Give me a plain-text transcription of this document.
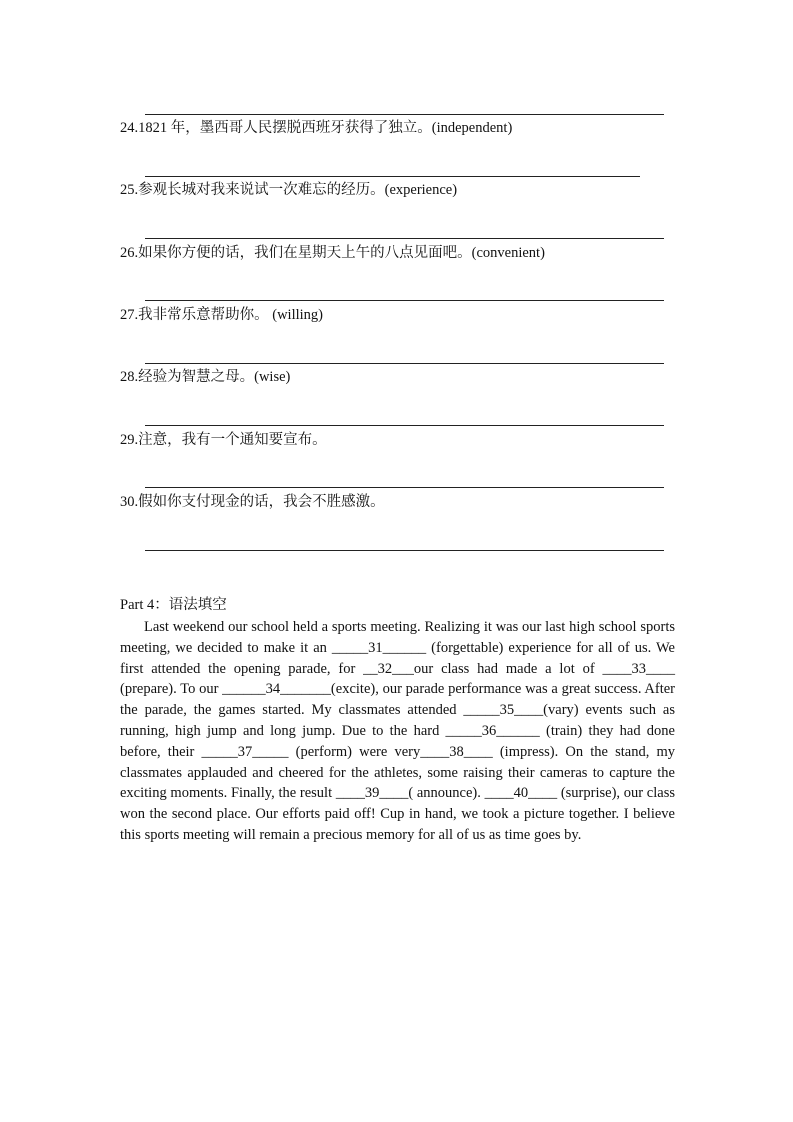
24.1821 年，墨西哥人民摆脱西班牙获得了独立。(independent)
25.参观长城对我来说试一次难忘的经历。(experience)
26.如果你方便的话，我们在星期天上午的八点见面吧。(convenient)
27.我非常乐意帮助你。 (willing)
28.经验为智慧之母。(wise)
29.注意，我有一个通知要宣布。
30.假如你支付现金的话，我会不胜感激。
Part 4：语法填空

Last weekend our school held a sports meeting. Realizing it was our last high school sports meeting, we decided to make it an _____31______ (forgettable) experience for all of us. We first attended the opening parade, for __32___our class had made a lot of ____33____ (prepare). To our ______34_______(excite), our parade performance was a great success. After the parade, the games started. My classmates attended _____35____(vary) events such as running, high jump and long jump. Due to the hard _____36______ (train) they had done before, their _____37_____ (perform) were very____38____ (impress). On the stand, my classmates applauded and cheered for the athletes, some raising their cameras to capture the exciting moments. Finally, the result ____39____( announce). ____40____ (surprise), our class won the second place. Our efforts paid off! Cup in hand, we took a picture together. I believe this sports meeting will remain a precious memory for all of us as time goes by.
